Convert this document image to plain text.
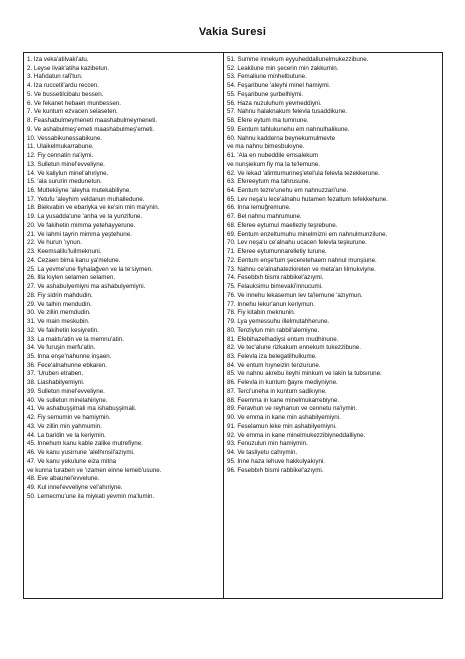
Vakia Suresi
1. İza veka'atilvaki'atu.
2. Leyse livak'atiha kazibetun.
3. Hafıdatun rafi'tun.
4. İza ruccetil'ardu reccen.
5. Ve bussetilcibalu bessen.
6. Ve fekanet hebaen munbessen.
7. Ve kuntum ezvacen selaseten.
8. Feashabulmeymeneti maashabulmeymeneti.
9. Ve ashabulmeş'emeti maashabulmeş'emeti.
10. Vessabikunessabikune.
11. Ulaikelmukarrabune.
12. Fiy cennatin na'iymi.
13. Sulletun minel'evveliyne.
14. Ve kaliylun minel'ahıriyne.
15. 'ala sururin medunetun.
16. Muttekiiyne 'aleyha mutekabiliyne.
17. Yetufu 'aleyhim veldanun muhalledune.
18. Biekvabin ve ebariyka ve ke'sin min ma'ynin.
19. La yusadda'une 'anha ve la yunzifune.
20. Ve fakihetin mimma yetehayyerune.
21. Ve lahmi tayrin mimma yeştehune.
22. Ve hurun 'ıynun.
23. Keemsalilu'luilmeknuni.
24. Cezaen bima kanu ya'melune.
25. La yevme'une fiyhalağven ve la te'siymen.
26. İlla kıylen selamen selamen.
27. Ve ashabulyemiyni ma ashabulyemiyni.
28. Fiy sidrin mahdudin.
29. Ve talhin mendudin.
30. Ve zillin memdudin.
31. Ve main meskubin.
32. Ve fakihetin kesiyretin.
33. La maktu'atin ve la memnu'atin.
34. Ve furuşin merfu'atin.
35. İnna enşe'nahunne inşaen.
36. Fece'alnahunne ebkaren.
37. 'Uruben etraben.
38. Liashabilyemiyni.
39. Sulletun minel'evveliyne.
40. Ve sulletun minelahiriyne.
41. Ve ashabuşşimali ma ishabuşşimali.
42. Fiy semumin ve hamiymin.
43. Ve zillin min yahmumin.
44. La baridin ve la keriymin.
45. İnnehum kanu kable zalike mutrefiyne.
46. Ve kanu yusirrune 'alelhınsil'azıymi.
47. Ve kanu yekulune eiza mitna
ve kunna turaben ve 'ızamen einne lemeb'usune.
48. Eve abaunel'evvelune.
49. Kul innel'evveliyne vel'ahıriyne.
50. Lemecmu'une ila miykati yevmin ma'lumin.
51. Summe innekum eyyuheddallunelmukezzibune.
52. Leakilune min şecerin min zakkumin.
53. Femaliune minhelbutune.
54. Feşaribune 'aleyhi minel hamiymi.
55. Feşaribune şurbelhiymi.
56. Haza nuzuluhum yevmeddiyni.
57. Nahnu halaknakum felevla tusaddikune.
58. Efere eytum ma tumnune.
59. Eentum tahlukunehu em nahnulhalikune.
60. Nahnu kadderna beynekumulmevte
ve ma nahnu bimesbukıyne.
61. 'Ala en nubeddile emsalekum
ve nunşiekum fiy ma la te'lemune.
62. Ve lekad 'alimtumunneş'etel'ula felevla tezekkerune.
63. Efereeytum ma tahrusune.
64. Eentum tezre'unehu em nahnuzzari'une.
65. Lev neşa'u lece'alnahu hutamen fezaltum tefekkehune.
66. İnna lemuğremune.
67. Bel nahnu mahrumune.
68. Eferee eytumul maelleziy teşrebune.
69. Eentum enzeltumuhu minelmizni em nahnulmunzilune.
70. Lev neşa'u ce'alnahu ucacen felevla teşkurune.
71. Eferee eytumunnarelletiy turune.
72. Eentum enşe'tum şeceretehaem nahnul munşiune.
73. Nahnu ce'alnahatezkireten ve meta'an lilmukviyne.
74. Fesebbıh bismi rabbikel'azıymi.
75. Felauksimu bimevaki'innucumi.
76. Ve innehu lekasemun lev ta'lemune 'azıymun.
77. İnnehu lekur'anun keriymun.
78. Fiy kitabin meknunin.
79. Lya yemessuhu illelmutahherune.
80. Tenziylun min rabbil'alemiyne.
81. Efebihazelhadiysi entum mudhinune.
82. Ve tec'alune rizkakum ennekum tukezzibune.
83. Felevla iza belegatilhulkume.
84. Ve entum hıyneizin tenzurune.
85. Ve nahnu akrebu ileyhi minkum ve lakin la tubsırune.
86. Felevla in kuntum ğayre mediyniyne.
87. Terci'uneha in kuntum sadikıyne.
88. Feemma in kane minelmukarrebiyne.
89. Feravhun ve reyhanun ve cennetu na'iymin.
90. Ve emma in kane min ashabilyemiyni.
91. Feselamun leke min ashabilyemiyni.
92. Ve emma in kane minelmukezzibiyneddalliyne.
93. Fenuzulun min hamiymin.
94. Ve tasliyetu cahıymin.
95. İnne haza lehuve hakkulyakıyni.
96. Fesebbıh bismi rabbikel'azıymi.
